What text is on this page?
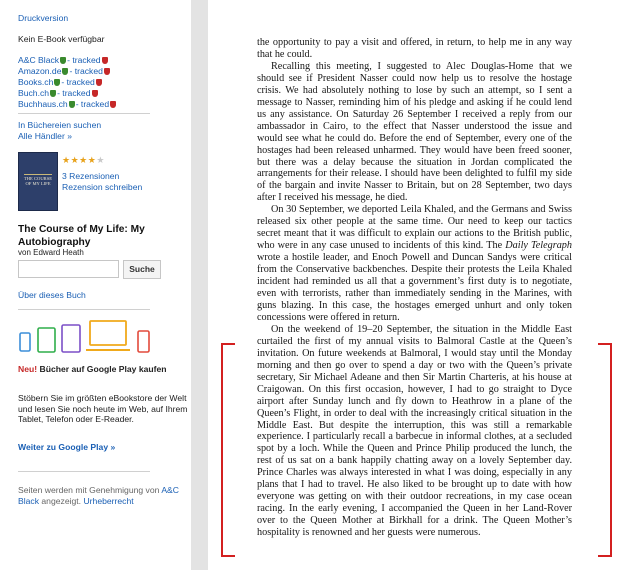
Druckversion
Kein E-Book verfügbar
A&C Black - tracked
Amazon.de - tracked
Books.ch - tracked
Buch.ch - tracked
Buchhaus.ch - tracked
In Büchereien suchen
Alle Händler »
THE COURSE
OF MY LIFE
★★★★★
3 Rezensionen
Rezension schreiben
The Course of My Life: My Autobiography
von Edward Heath
Suche
Über dieses Buch
Neu! Bücher auf Google Play kaufen
Stöbern Sie im größten eBookstore der Welt und lesen Sie noch heute im Web, auf Ihrem Tablet, Telefon oder E-Reader.
Weiter zu Google Play »
Seiten werden mit Genehmigung von A&C Black angezeigt. Urheberrecht

the opportunity to pay a visit and offered, in return, to help me in any way that he could.

Recalling this meeting, I suggested to Alec Douglas-Home that we should see if President Nasser could now help us to resolve the hostage crisis. We had absolutely nothing to lose by such an attempt, so I sent a message to Nasser, reminding him of his pledge and asking if he could lend us any assistance. On Saturday 26 September I received a reply from our ambassador in Cairo, to the effect that Nasser understood the issue and would see what he could do. Before the end of September, every one of the hostages had been released unharmed. They would have been freed sooner, but there was a delay because the situation in Jordan complicated the arrangements for their release. I should have been delighted to fulfil my side of the bargain and invite Nasser to Britain, but on 28 September, two days after I received his message, he died.

On 30 September, we deported Leila Khaled, and the Germans and Swiss released six other people at the same time. Our need to keep our tactics secret meant that it was difficult to explain our actions to the British public, who were in any case unused to incidents of this kind. The Daily Telegraph wrote a hostile leader, and Enoch Powell and Duncan Sandys were critical from the Conservative backbenches. Despite their protests the Leila Khaled incident had reminded us all that a government’s first duty is to negotiate, even with terrorists, rather than immediately sending in the Marines, with guns blazing. In this case, the hostages emerged unhurt and only token concessions were offered in return.

On the weekend of 19–20 September, the situation in the Middle East curtailed the first of my annual visits to Balmoral Castle at the Queen’s invitation. On future weekends at Balmoral, I would stay until the Monday morning and then go over to spend a day or two with the Queen’s private secretary, Sir Michael Adeane and then Sir Martin Charteris, at his house at Craigowan. On this first occasion, however, I had to go straight to Dyce airport after Sunday lunch and fly down to Heathrow in a plane of the Queen’s Flight, in order to deal with the increasingly critical situation in the Middle East. But despite the interruption, this was still a remarkable experience. I particularly recall a barbecue in informal clothes, at a secluded spot by a loch. While the Queen and Prince Philip produced the lunch, the rest of us sat on a bank happily chatting away on a lovely September day. Prince Charles was always interested in what I was doing, especially in any plans that I had to travel. He also liked to be brought up to date with how everyone was getting on with their outdoor recreations, in my case ocean racing. In the early evening, I accompanied the Queen in her Land-Rover over to the Queen Mother at Birkhall for a drink. The Queen Mother’s hospitality is renowned and her guests were numerous.
